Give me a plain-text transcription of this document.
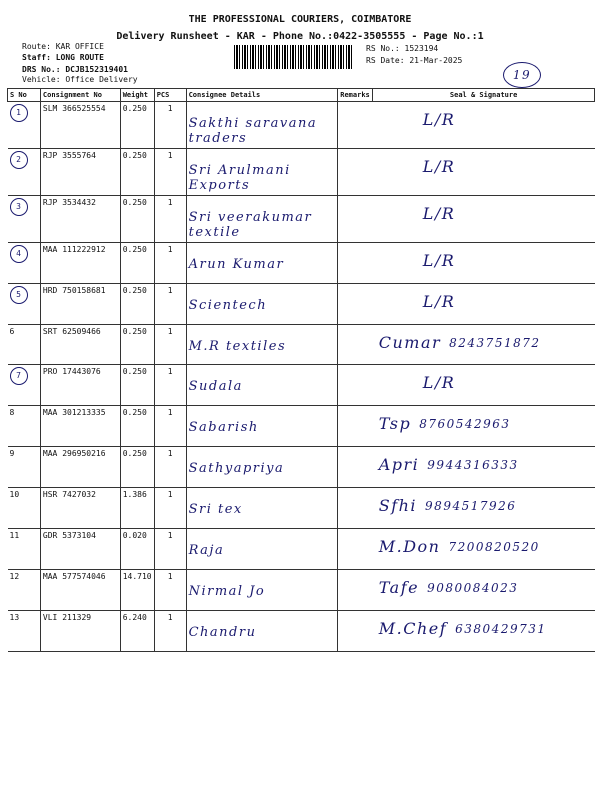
THE PROFESSIONAL COURIERS, COIMBATORE
Delivery Runsheet - KAR - Phone No.:0422-3505555 - Page No.:1
Route: KAR OFFICE
Staff: LONG ROUTE
DRS No.: DCJB152319401
Vehicle: Office Delivery
RS No.: 1523194
RS Date: 21-Mar-2025
19
S No	Consignment No	Weight	PCS	Consignee Details	Remarks	Seal & Signature
1	SLM 366525554	0.250	1	Sakthi saravana traders		L/R

2	RJP 3555764	0.250	1	Sri Arulmani Exports		L/R

3	RJP 3534432	0.250	1	Sri veerakumar textile		L/R

4	MAA 111222912	0.250	1	Arun Kumar		L/R

5	HRD 750158681	0.250	1	Scientech		L/R

6	SRT 62509466	0.250	1	M.R textiles		Cumar 8243751872

7	PRO 17443076	0.250	1	Sudala		L/R

8	MAA 301213335	0.250	1	Sabarish		Tsp 8760542963

9	MAA 296950216	0.250	1	Sathyapriya		Apri 9944316333

10	HSR 7427032	1.386	1	Sri tex		Sfhi 9894517926

11	GDR 5373104	0.020	1	Raja		M.Don 7200820520

12	MAA 577574046	14.710	1	Nirmal Jo		Tafe 9080084023

13	VLI 211329	6.240	1	Chandru		M.Chef 6380429731
